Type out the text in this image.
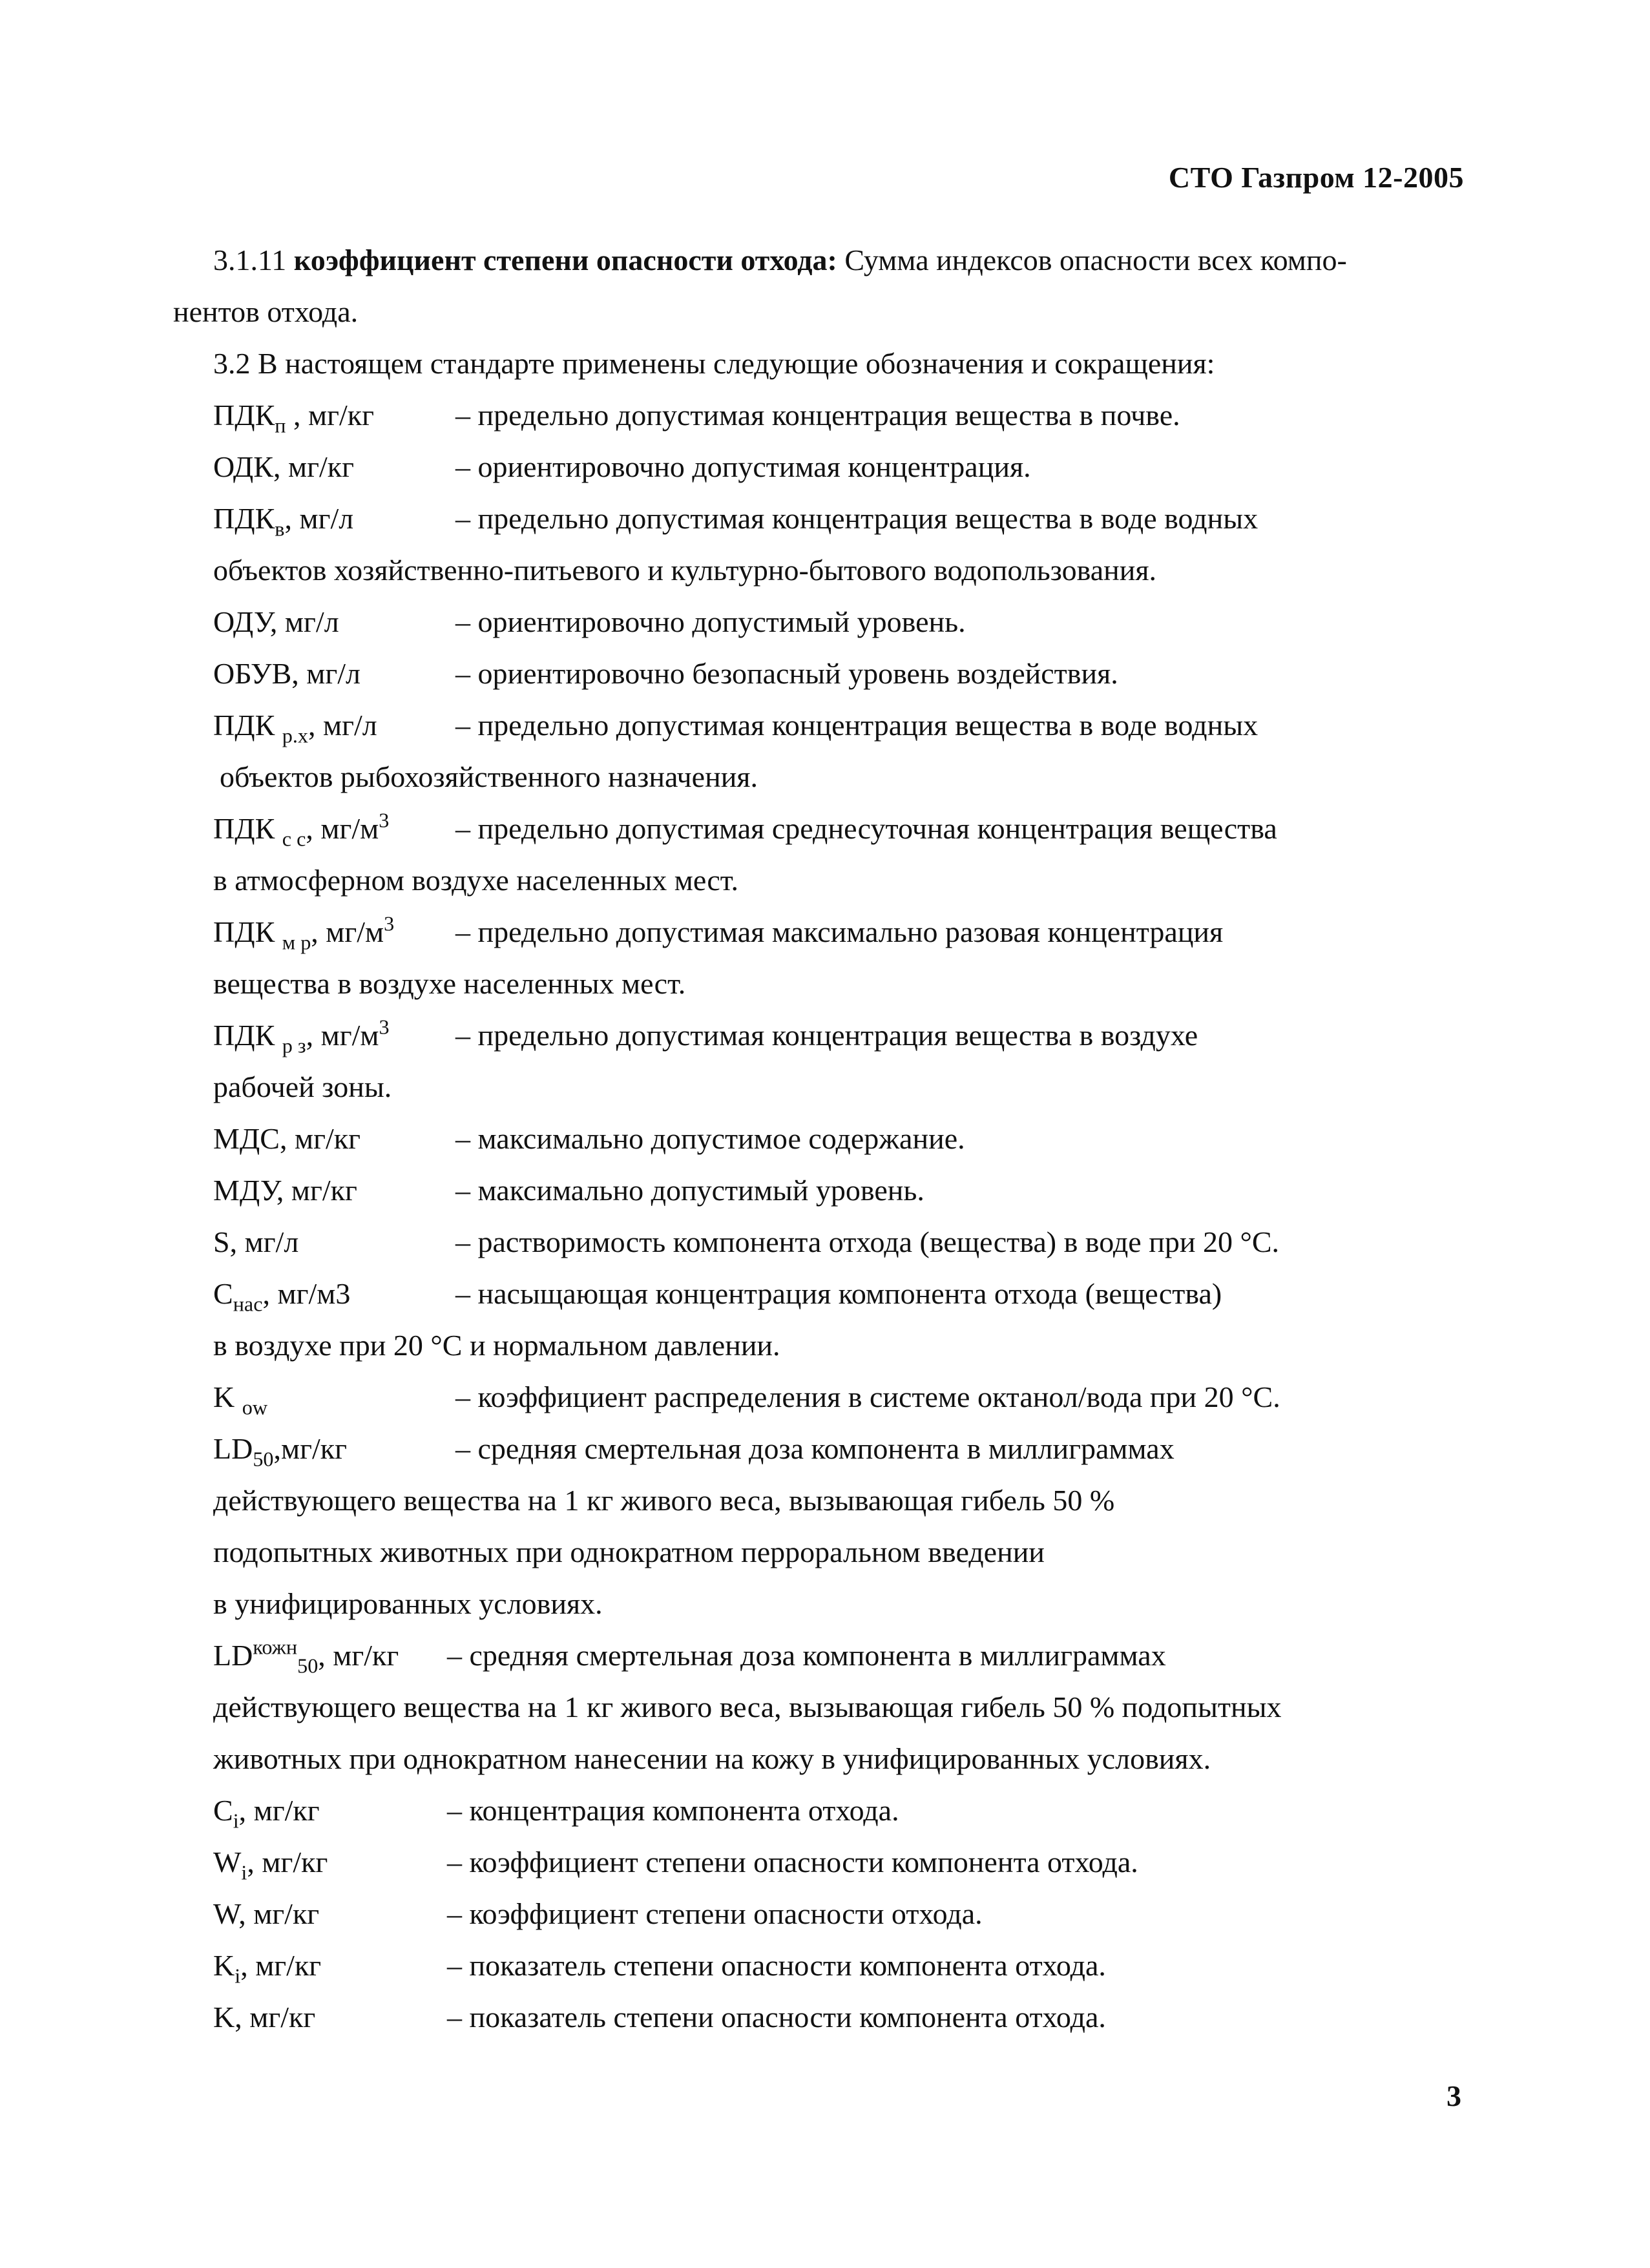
СТО Газпром 12-2005
3.1.11 коэффициент степени опасности отхода: Сумма индексов опасности всех компо-
нентов отхода.
3.2 В настоящем стандарте применены следующие обозначения и сокращения:
$ПДК_п$ , мг/кг	– предельно допустимая концентрация вещества в почве.
ОДК, мг/кг	– ориентировочно допустимая концентрация.
$ПДК_в$, мг/л	– предельно допустимая концентрация вещества в воде водных
объектов хозяйственно-питьевого и культурно-бытового водопользования.
ОДУ, мг/л	– ориентировочно допустимый уровень.
ОБУВ, мг/л	– ориентировочно безопасный уровень воздействия.
ПДК $_{р.х}$, мг/л	– предельно допустимая концентрация вещества в воде водных
объектов рыбохозяйственного назначения.
ПДК $_{с с}$, $мг/м^3$ – предельно допустимая среднесуточная концентрация вещества
в атмосферном воздухе населенных мест.
ПДК $_{м р}$, $мг/м^3$ – предельно допустимая максимально разовая концентрация
вещества в воздухе населенных мест.
ПДК $_{р з}$, $мг/м^3$ – предельно допустимая концентрация вещества в воздухе
рабочей зоны.
МДС, мг/кг	– максимально допустимое содержание.
МДУ, мг/кг	– максимально допустимый уровень.
S, мг/л	– растворимость компонента отхода (вещества) в воде при 20 °С.
$С_{нас}$, мг/м3	– насыщающая концентрация компонента отхода (вещества)
в воздухе при 20 °С и нормальном давлении.
K $_{ow}$	– коэффициент распределения в системе октанол/вода при 20 °С.
$LD_{50},мг/кг$	– средняя смертельная доза компонента в миллиграммах
действующего вещества на 1 кг живого веса, вызывающая гибель 50 %
подопытных животных при однократном перроральном введении
в унифицированных условиях.
$LD^{кожн}_{50}$, мг/кг – средняя смертельная доза компонента в миллиграммах
действующего вещества на 1 кг живого веса, вызывающая гибель 50 % подопытных
животных при однократном нанесении на кожу в унифицированных условиях.
$С_i$, мг/кг	– концентрация компонента отхода.
$W_i$, мг/кг	– коэффициент степени опасности компонента отхода.
W, мг/кг	– коэффициент степени опасности отхода.
$K_i$, мг/кг	– показатель степени опасности компонента отхода.
K, мг/кг	– показатель степени опасности компонента отхода.
3
